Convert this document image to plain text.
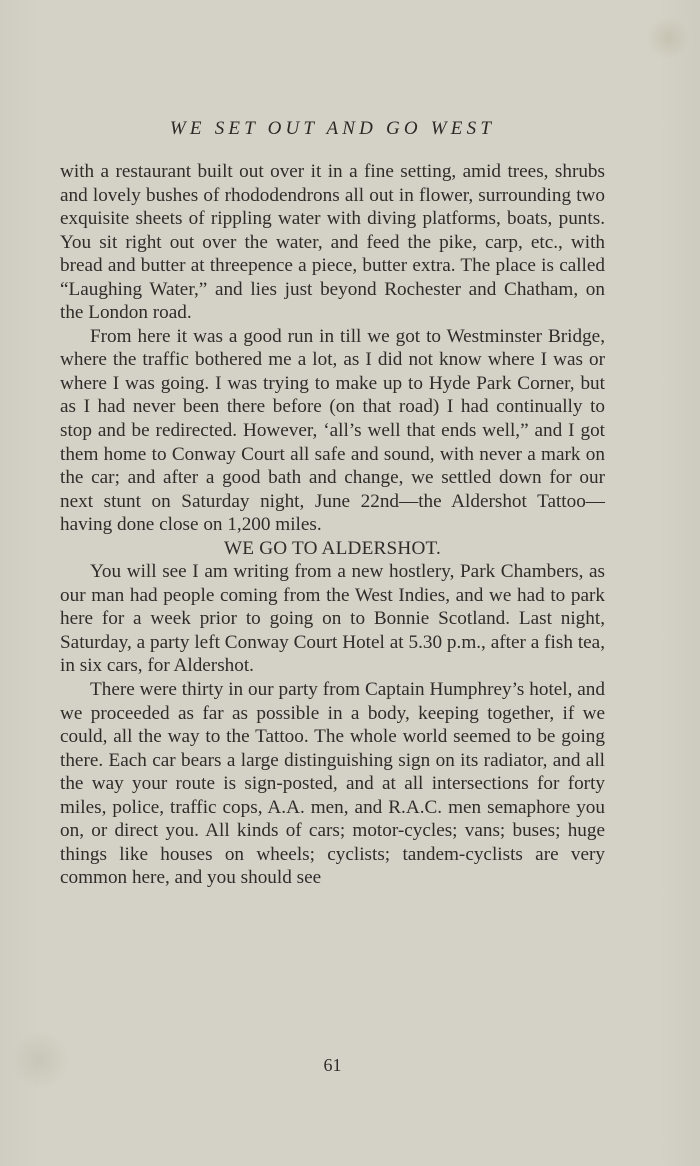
WE SET OUT AND GO WEST

with a restaurant built out over it in a fine setting, amid trees, shrubs and lovely bushes of rhododendrons all out in flower, surrounding two exquisite sheets of rippling water with diving platforms, boats, punts. You sit right out over the water, and feed the pike, carp, etc., with bread and butter at threepence a piece, butter extra. The place is called “Laughing Water,” and lies just beyond Rochester and Chatham, on the London road.

From here it was a good run in till we got to Westminster Bridge, where the traffic bothered me a lot, as I did not know where I was or where I was going. I was trying to make up to Hyde Park Corner, but as I had never been there before (on that road) I had continually to stop and be redirected. However, ‘all’s well that ends well,” and I got them home to Conway Court all safe and sound, with never a mark on the car; and after a good bath and change, we settled down for our next stunt on Saturday night, June 22nd—the Aldershot Tattoo—having done close on 1,200 miles.

WE GO TO ALDERSHOT.

You will see I am writing from a new hostlery, Park Chambers, as our man had people coming from the West Indies, and we had to park here for a week prior to going on to Bonnie Scotland. Last night, Saturday, a party left Conway Court Hotel at 5.30 p.m., after a fish tea, in six cars, for Aldershot.

There were thirty in our party from Captain Humphrey’s hotel, and we proceeded as far as possible in a body, keeping together, if we could, all the way to the Tattoo. The whole world seemed to be going there. Each car bears a large distinguishing sign on its radiator, and all the way your route is sign-posted, and at all intersections for forty miles, police, traffic cops, A.A. men, and R.A.C. men semaphore you on, or direct you. All kinds of cars; motor-cycles; vans; buses; huge things like houses on wheels; cyclists; tandem-cyclists are very common here, and you should see

61
